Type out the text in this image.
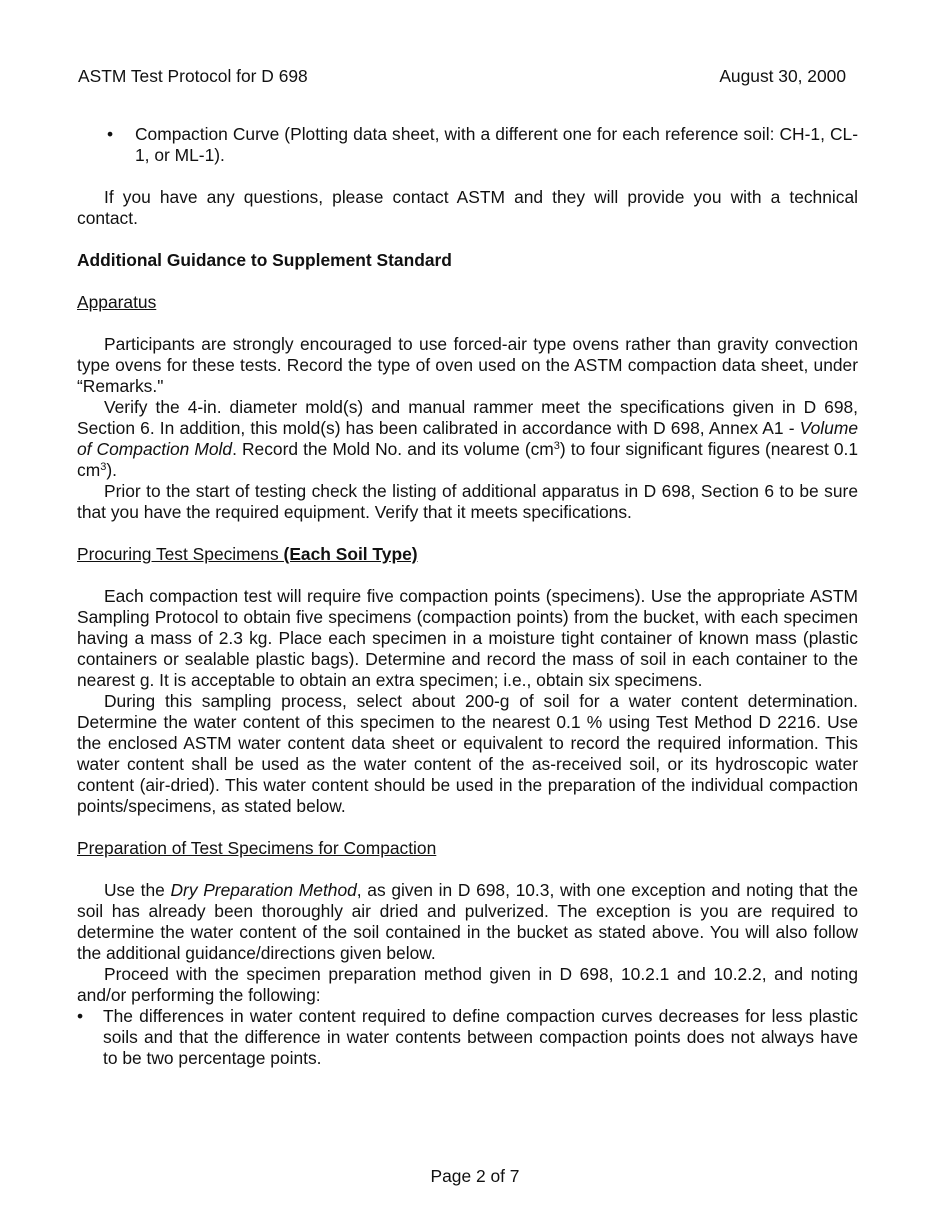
ASTM Test Protocol for D 698	August 30, 2000
• Compaction Curve (Plotting data sheet, with a different one for each reference soil: CH-1, CL-1, or ML-1).

If you have any questions, please contact ASTM and they will provide you with a technical contact.

Additional Guidance to Supplement Standard

Apparatus

Participants are strongly encouraged to use forced-air type ovens rather than gravity convection type ovens for these tests. Record the type of oven used on the ASTM compaction data sheet, under “Remarks."

Verify the 4-in. diameter mold(s) and manual rammer meet the specifications given in D 698, Section 6. In addition, this mold(s) has been calibrated in accordance with D 698, Annex A1 - Volume of Compaction Mold. Record the Mold No. and its volume $(cm^3)$ to four significant figures (nearest 0.1 $cm^3$).

Prior to the start of testing check the listing of additional apparatus in D 698, Section 6 to be sure that you have the required equipment. Verify that it meets specifications.

Procuring Test Specimens (Each Soil Type)

Each compaction test will require five compaction points (specimens). Use the appropriate ASTM Sampling Protocol to obtain five specimens (compaction points) from the bucket, with each specimen having a mass of 2.3 kg. Place each specimen in a moisture tight container of known mass (plastic containers or sealable plastic bags). Determine and record the mass of soil in each container to the nearest g. It is acceptable to obtain an extra specimen; i.e., obtain six specimens.

During this sampling process, select about 200-g of soil for a water content determination. Determine the water content of this specimen to the nearest 0.1 % using Test Method D 2216. Use the enclosed ASTM water content data sheet or equivalent to record the required information. This water content shall be used as the water content of the as-received soil, or its hydroscopic water content (air-dried). This water content should be used in the preparation of the individual compaction points/specimens, as stated below.

Preparation of Test Specimens for Compaction

Use the Dry Preparation Method, as given in D 698, 10.3, with one exception and noting that the soil has already been thoroughly air dried and pulverized. The exception is you are required to determine the water content of the soil contained in the bucket as stated above. You will also follow the additional guidance/directions given below.

Proceed with the specimen preparation method given in D 698, 10.2.1 and 10.2.2, and noting and/or performing the following:

• The differences in water content required to define compaction curves decreases for less plastic soils and that the difference in water contents between compaction points does not always have to be two percentage points.
Page 2 of 7
